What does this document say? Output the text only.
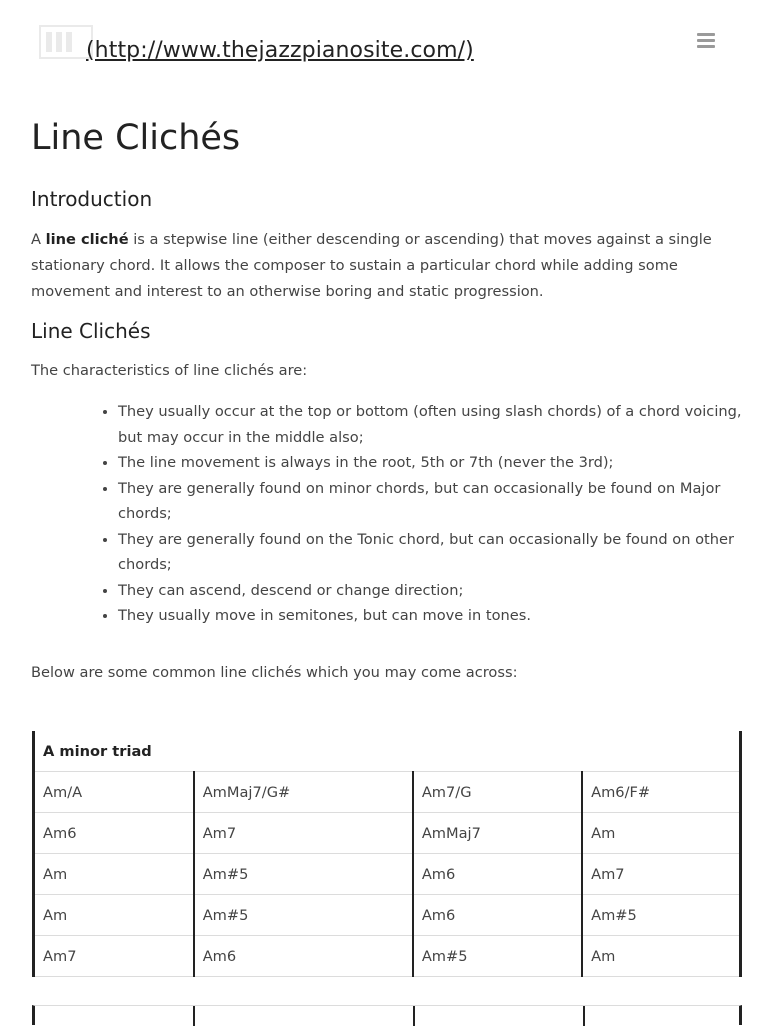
(http://www.thejazzpianosite.com/)
Line Clichés
Introduction

A line cliché is a stepwise line (either descending or ascending) that moves against a single stationary chord. It allows the composer to sustain a particular chord while adding some movement and interest to an otherwise boring and static progression.

Line Clichés

The characteristics of line clichés are:

• They usually occur at the top or bottom (often using slash chords) of a chord voicing, but may occur in the middle also;
• The line movement is always in the root, 5th or 7th (never the 3rd);
• They are generally found on minor chords, but can occasionally be found on Major chords;
• They are generally found on the Tonic chord, but can occasionally be found on other chords;
• They can ascend, descend or change direction;
• They usually move in semitones, but can move in tones.

Below are some common line clichés which you may come across:

A minor triad			
Am/A	AmMaj7/G#	Am7/G	Am6/F#
Am6	Am7	AmMaj7	Am
Am	Am#5	Am6	Am7
Am	Am#5	Am6	Am#5
Am7	Am6	Am#5	Am
